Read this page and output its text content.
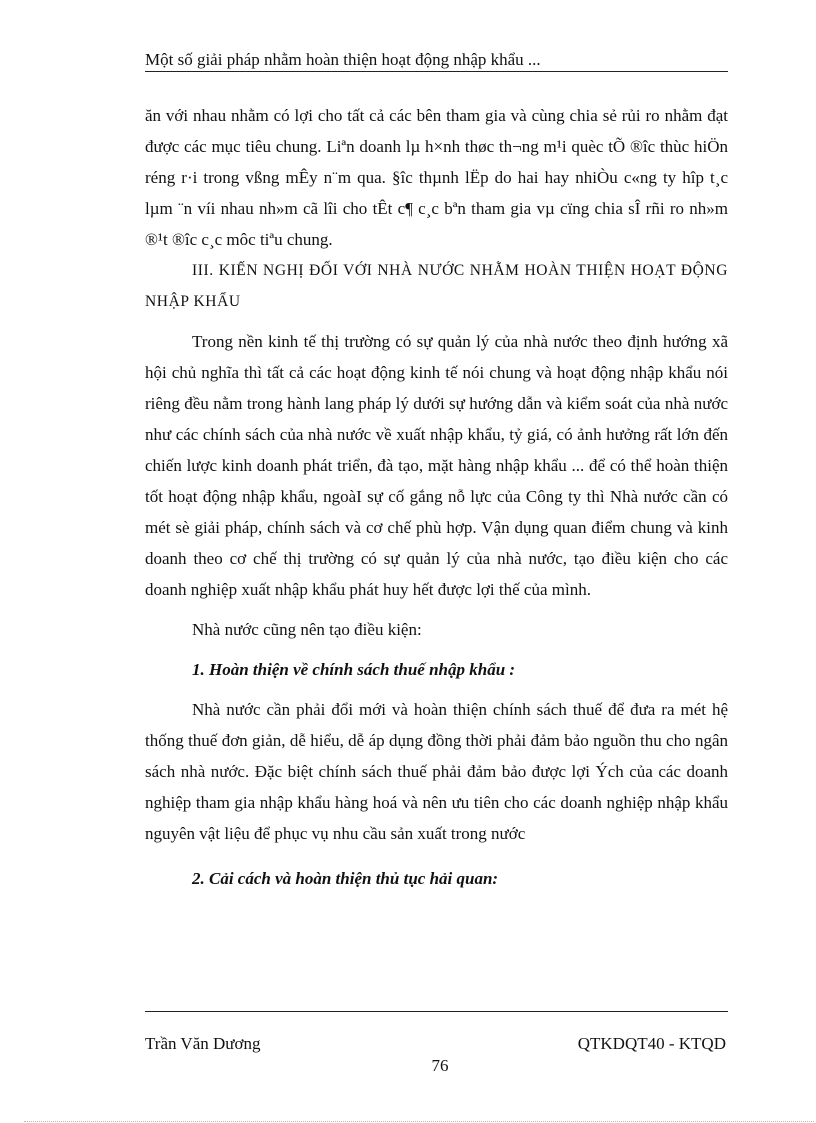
Một số giải pháp nhằm hoàn thiện hoạt động nhập khẩu ...

ăn với nhau nhằm có lợi cho tất cả các bên tham gia và cùng chia sẻ rủi ro nhằm đạt được các mục tiêu chung. Liªn doanh lµ h×nh thøc th¬ng m¹i quèc tÕ ®îc thùc hiÖn réng r·i trong vßng mÊy n¨m qua. §îc thµnh lËp do hai hay nhiÒu c«ng ty hîp t¸c lµm ¨n víi nhau nh»m cã lîi cho tÊt c¶ c¸c bªn tham gia vµ cïng chia sÎ rñi ro nh»m ®¹t ®îc c¸c môc tiªu chung.

III. KIẾN NGHỊ ĐỐI VỚI NHÀ NƯỚC NHẰM HOÀN THIỆN HOẠT ĐỘNG NHẬP KHẨU

Trong nền kinh tế thị trường có sự quản lý của nhà nước theo định hướng xã hội chủ nghĩa thì tất cả các hoạt động kinh tế nói chung và hoạt động nhập khẩu nói riêng đều nằm trong hành lang pháp lý dưới sự hướng dẫn và kiểm soát của nhà nước như các chính sách của nhà nước về xuất nhập khẩu, tỷ giá, có ảnh hưởng rất lớn đến chiến lược kinh doanh phát triển, đà tạo, mặt hàng nhập khẩu ... để có thể hoàn thiện tốt hoạt động nhập khẩu, ngoàI sự cố gắng nỗ lực của Công ty thì Nhà nước cần có mét sè giải pháp, chính sách và cơ chế phù hợp. Vận dụng quan điểm chung và kinh doanh theo cơ chế thị trường có sự quản lý của nhà nước, tạo điều kiện cho các doanh nghiệp xuất nhập khẩu phát huy hết được lợi thế của mình.

Nhà nước cũng nên tạo điều kiện:

1. Hoàn thiện về chính sách thuế nhập khẩu :

Nhà nước cần phải đổi mới và hoàn thiện chính sách thuế để đưa ra mét hệ thống thuế đơn giản, dễ hiểu, dễ áp dụng đồng thời phải đảm bảo nguồn thu cho ngân sách nhà nước. Đặc biệt chính sách thuế phải đảm bảo được lợi Ých của các doanh nghiệp tham gia nhập khẩu hàng hoá và nên ưu tiên cho các doanh nghiệp nhập khẩu nguyên vật liệu để phục vụ nhu cầu sản xuất trong nước

2. Cải cách và hoàn thiện thủ tục hải quan:

Trần Văn Dương	QTKDQT40 - KTQD
76
